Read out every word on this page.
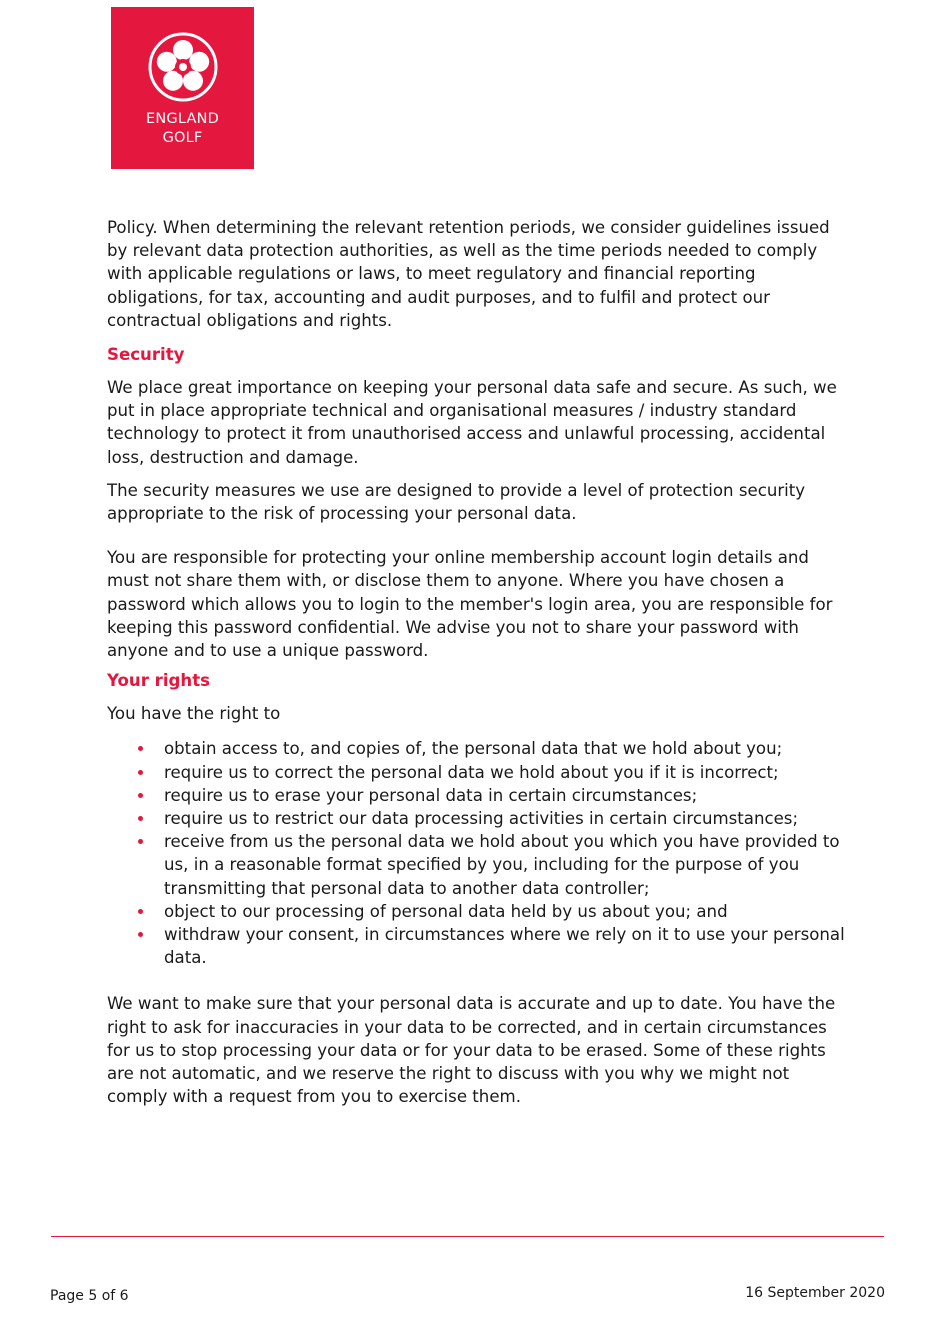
ENGLAND
GOLF

Policy. When determining the relevant retention periods, we consider guidelines issued by relevant data protection authorities, as well as the time periods needed to comply with applicable regulations or laws, to meet regulatory and financial reporting obligations, for tax, accounting and audit purposes, and to fulfil and protect our contractual obligations and rights.

Security

We place great importance on keeping your personal data safe and secure. As such, we put in place appropriate technical and organisational measures / industry standard technology to protect it from unauthorised access and unlawful processing, accidental loss, destruction and damage.

The security measures we use are designed to provide a level of protection security appropriate to the risk of processing your personal data.

You are responsible for protecting your online membership account login details and must not share them with, or disclose them to anyone. Where you have chosen a password which allows you to login to the member's login area, you are responsible for keeping this password confidential. We advise you not to share your password with anyone and to use a unique password.

Your rights

You have the right to

obtain access to, and copies of, the personal data that we hold about you;
require us to correct the personal data we hold about you if it is incorrect;
require us to erase your personal data in certain circumstances;
require us to restrict our data processing activities in certain circumstances;
receive from us the personal data we hold about you which you have provided to us, in a reasonable format specified by you, including for the purpose of you transmitting that personal data to another data controller;
object to our processing of personal data held by us about you; and
withdraw your consent, in circumstances where we rely on it to use your personal data.

We want to make sure that your personal data is accurate and up to date. You have the right to ask for inaccuracies in your data to be corrected, and in certain circumstances for us to stop processing your data or for your data to be erased. Some of these rights are not automatic, and we reserve the right to discuss with you why we might not comply with a request from you to exercise them.

Page 5 of 6	16 September 2020
